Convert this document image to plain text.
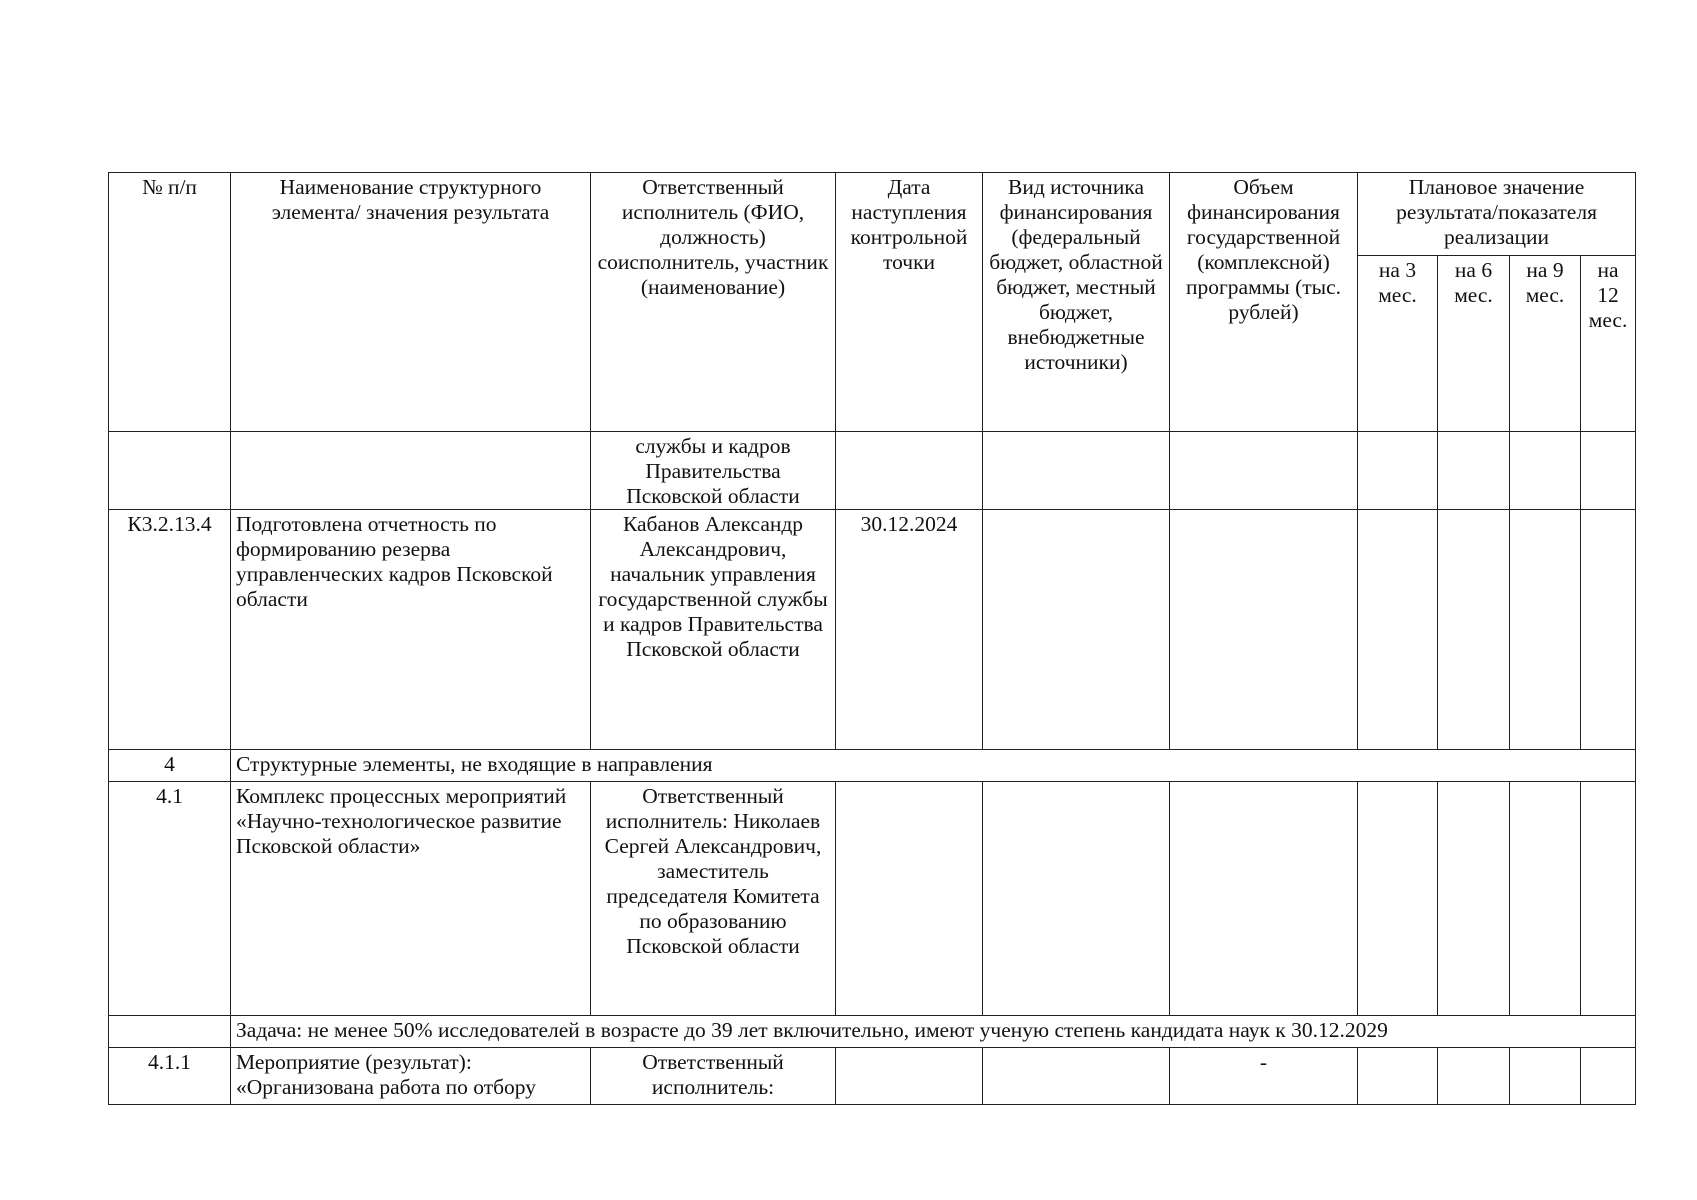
№ п/п	Наименование структурного элемента/ значения результата	Ответственный исполнитель (ФИО, должность) соисполнитель, участник (наименование)	Дата наступления контрольной точки	Вид источника финансирования (федеральный бюджет, областной бюджет, местный бюджет, внебюджетные источники)	Объем финансирования государственной (комплексной) программы (тыс. рублей)	Плановое значение результата/показателя реализации			
						на 3 мес.	на 6 мес.	на 9 мес.	на 12 мес.
		службы и кадров Правительства Псковской области							
К3.2.13.4	Подготовлена отчетность по формированию резерва управленческих кадров Псковской области	Кабанов Александр Александрович, начальник управления государственной службы и кадров Правительства Псковской области	30.12.2024						
4	Структурные элементы, не входящие в направления								
4.1	Комплекс процессных мероприятий «Научно-технологическое развитие Псковской области»	Ответственный исполнитель: Николаев Сергей Александрович, заместитель председателя Комитета по образованию Псковской области							
	Задача: не менее 50% исследователей в возрасте до 39 лет включительно, имеют ученую степень кандидата наук к 30.12.2029								
4.1.1	Мероприятие (результат): «Организована работа по отбору	Ответственный исполнитель:			-				
